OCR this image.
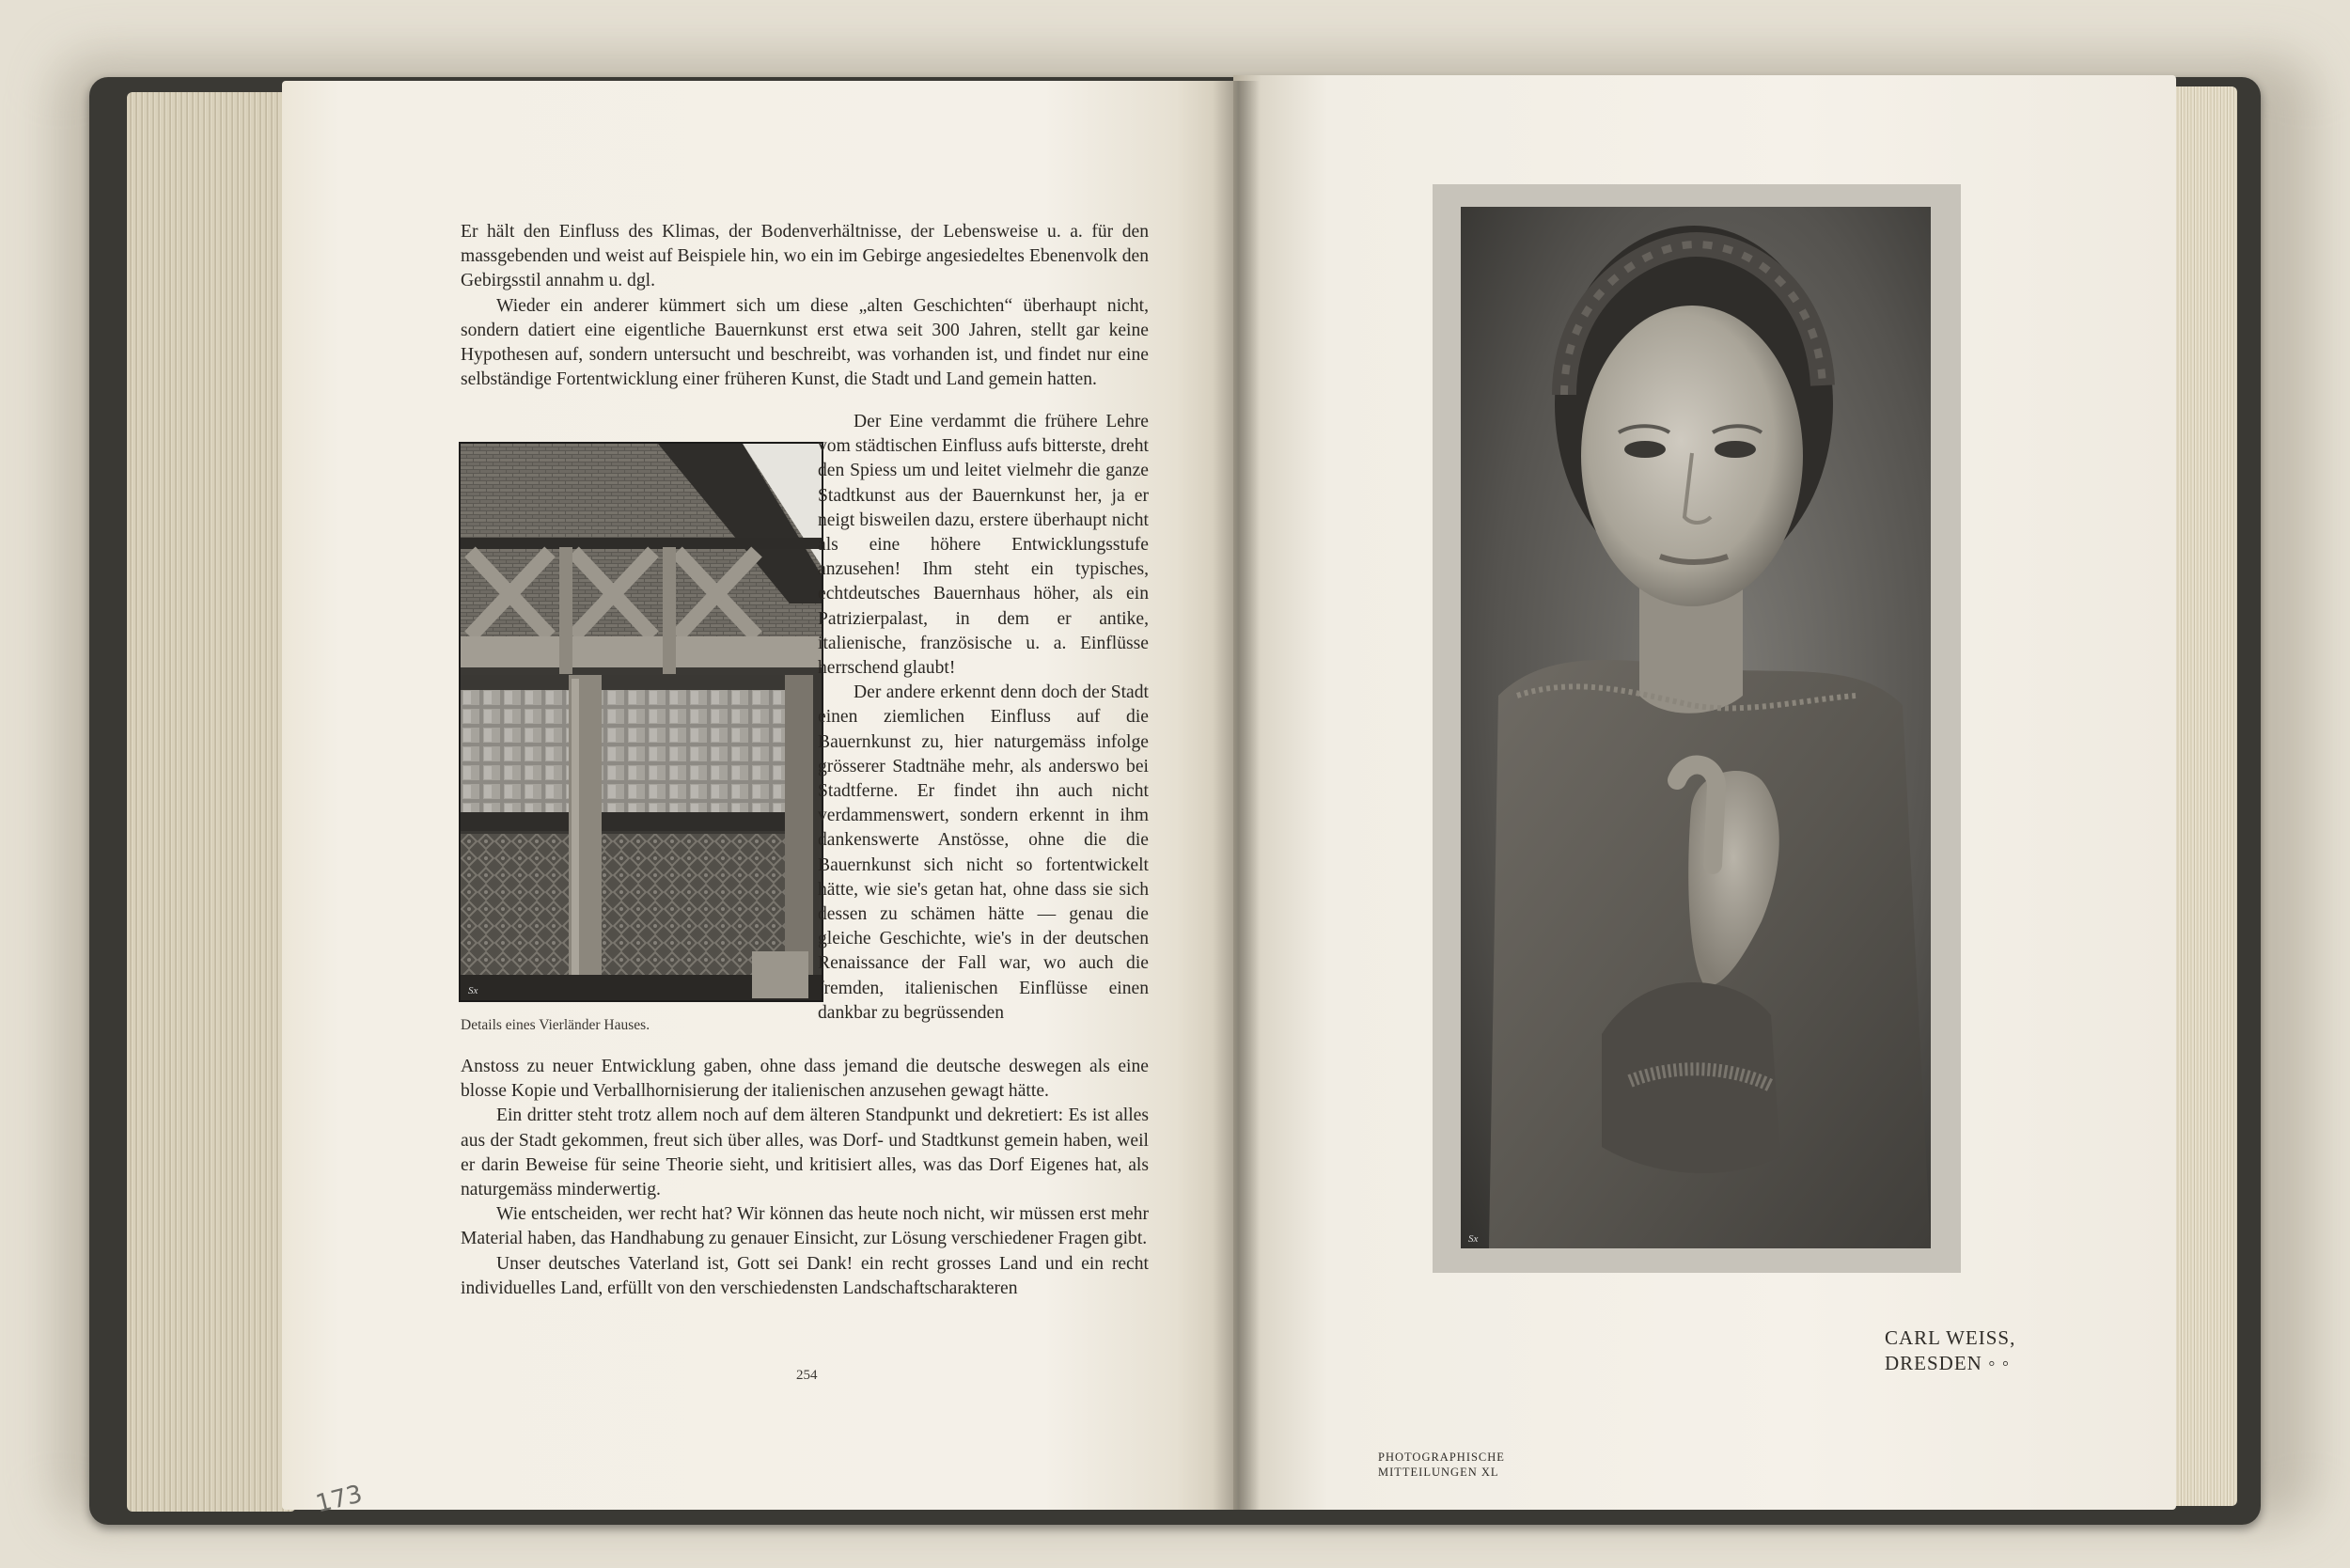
Er hält den Einfluss des Klimas, der Bodenverhältnisse, der Lebensweise u. a. für den massgebenden und weist auf Beispiele hin, wo ein im Gebirge angesiedeltes Ebenenvolk den Gebirgsstil annahm u. dgl.

Wieder ein anderer kümmert sich um diese „alten Geschichten“ überhaupt nicht, sondern datiert eine eigentliche Bauernkunst erst etwa seit 300 Jahren, stellt gar keine Hypothesen auf, sondern untersucht und beschreibt, was vorhanden ist, und findet nur eine selbständige Fortentwicklung einer früheren Kunst, die Stadt und Land gemein hatten.

Sx
Details eines Vierländer Hauses.

Der Eine verdammt die frühere Lehre vom städtischen Einfluss aufs bitterste, dreht den Spiess um und leitet vielmehr die ganze Stadtkunst aus der Bauernkunst her, ja er neigt bisweilen dazu, erstere überhaupt nicht als eine höhere Entwicklungsstufe anzusehen! Ihm steht ein typisches, echtdeutsches Bauernhaus höher, als ein Patrizierpalast, in dem er antike, italienische, französische u. a. Einflüsse herrschend glaubt!

Der andere erkennt denn doch der Stadt einen ziemlichen Einfluss auf die Bauernkunst zu, hier naturgemäss infolge grösserer Stadtnähe mehr, als anderswo bei Stadtferne. Er findet ihn auch nicht verdammenswert, sondern erkennt in ihm dankenswerte Anstösse, ohne die die Bauernkunst sich nicht so fortentwickelt hätte, wie sie's getan hat, ohne dass sie sich dessen zu schämen hätte — genau die gleiche Geschichte, wie's in der deutschen Renaissance der Fall war, wo auch die fremden, italienischen Einflüsse einen dankbar zu begrüssenden

Anstoss zu neuer Entwicklung gaben, ohne dass jemand die deutsche deswegen als eine blosse Kopie und Verballhornisierung der italienischen anzusehen gewagt hätte.

Ein dritter steht trotz allem noch auf dem älteren Standpunkt und dekretiert: Es ist alles aus der Stadt gekommen, freut sich über alles, was Dorf- und Stadtkunst gemein haben, weil er darin Beweise für seine Theorie sieht, und kritisiert alles, was das Dorf Eigenes hat, als naturgemäss minderwertig.

Wie entscheiden, wer recht hat? Wir können das heute noch nicht, wir müssen erst mehr Material haben, das Handhabung zu genauer Einsicht, zur Lösung verschiedener Fragen gibt.

Unser deutsches Vaterland ist, Gott sei Dank! ein recht grosses Land und ein recht individuelles Land, erfüllt von den verschiedensten Landschaftscharakteren

254
173
Sx
CARL WEISS,
DRESDEN ◦ ◦
PHOTOGRAPHISCHE
MITTEILUNGEN XL
